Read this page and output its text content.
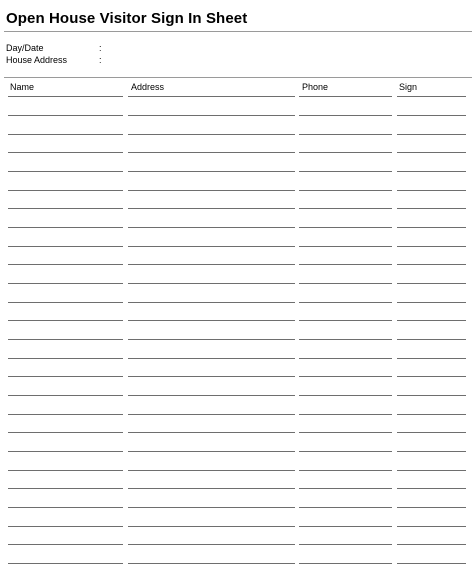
Open House Visitor Sign In Sheet
Day/Date	:
House Address	:
Name	Address	Phone	Sign
